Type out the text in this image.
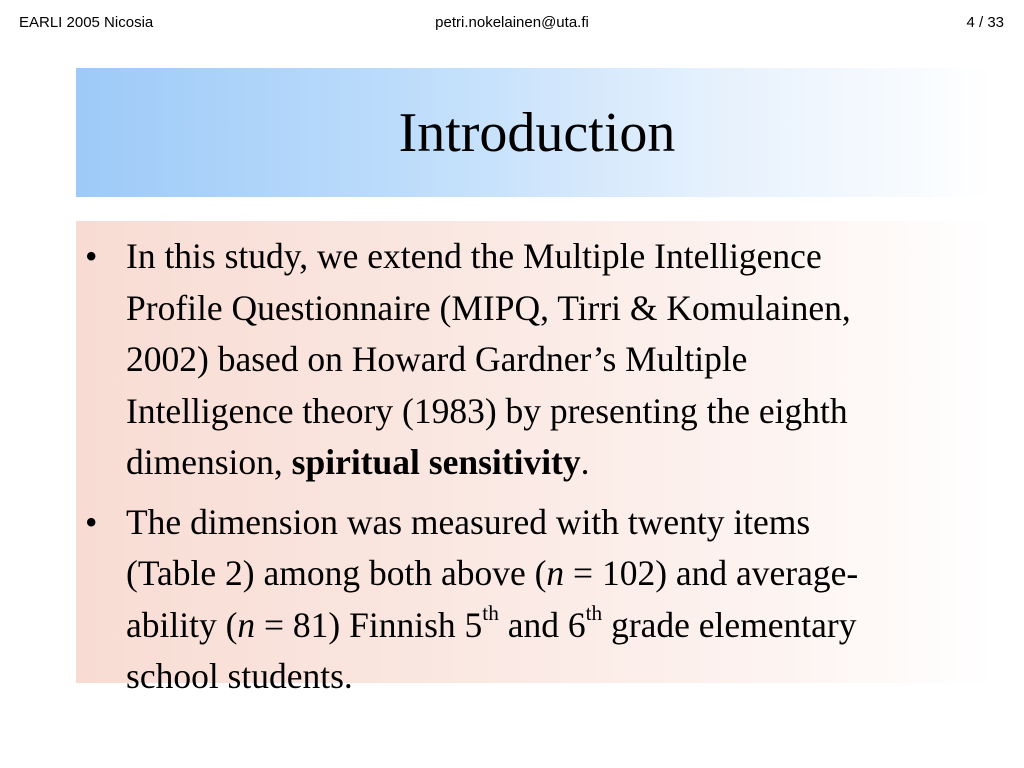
EARLI 2005 Nicosia	petri.nokelainen@uta.fi	4 / 33
Introduction
• In this study, we extend the Multiple Intelligence
Profile Questionnaire (MIPQ, Tirri & Komulainen,
2002) based on Howard Gardner’s Multiple
Intelligence theory (1983) by presenting the eighth
dimension, spiritual sensitivity.
• The dimension was measured with twenty items
(Table 2) among both above (n = 102) and average-
ability (n = 81) Finnish 5th and 6th grade elementary
school students.
